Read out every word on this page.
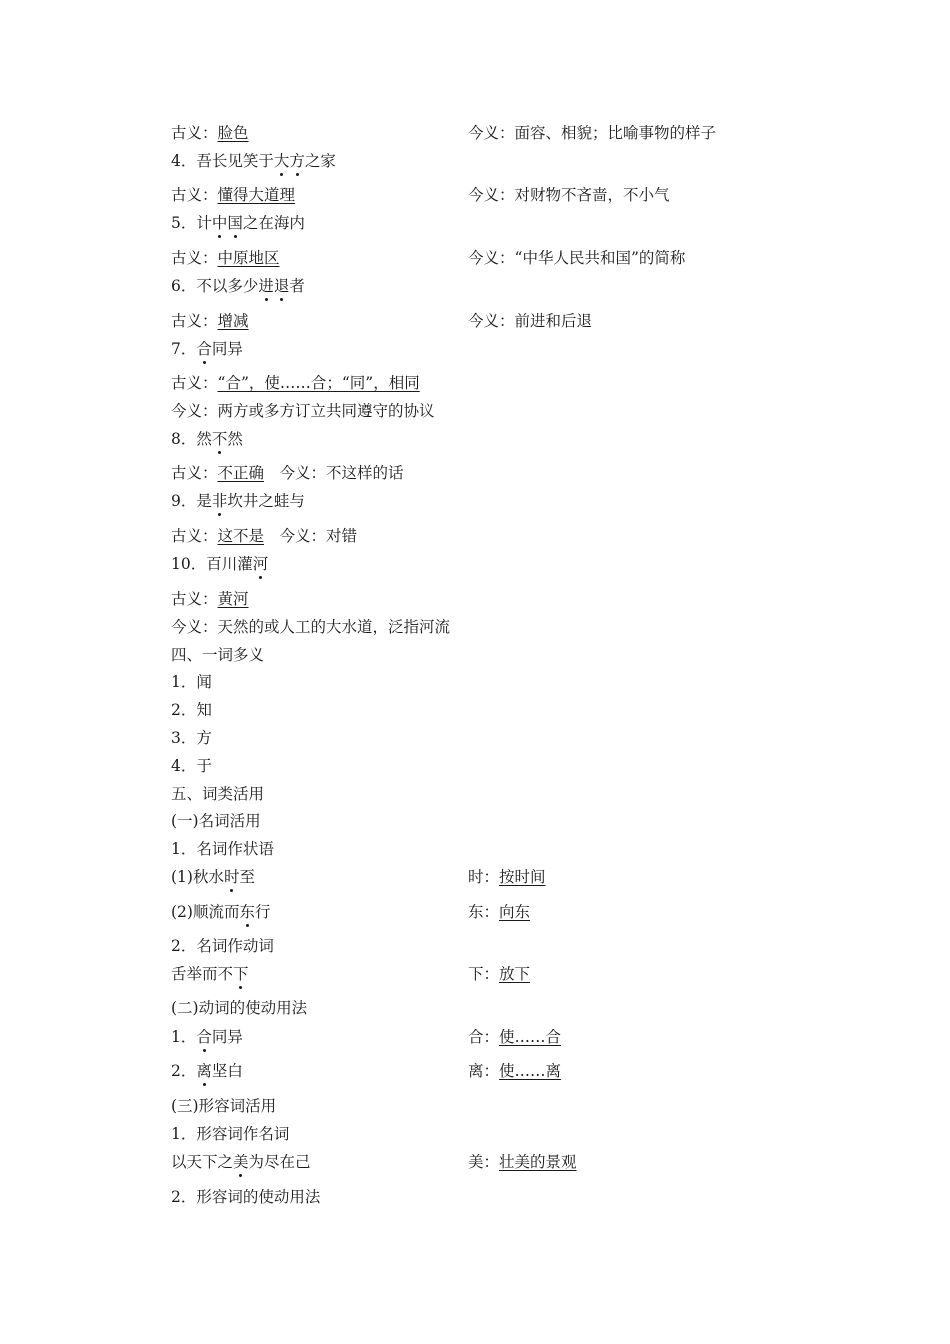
古义：脸色	今义：面容、相貌；比喻事物的样子
4．吾长见笑于大方之家
古义：懂得大道理	今义：对财物不吝啬，不小气
5．计中国之在海内
古义：中原地区	今义：“中华人民共和国”的简称
6．不以多少进退者
古义：增减	今义：前进和后退
7．合同异
古义：“合”，使……合；“同”，相同
今义：两方或多方订立共同遵守的协议
8．然不然
古义：不正确　今义：不这样的话
9．是非坎井之蛙与
古义：这不是　今义：对错
10．百川灌河
古义：黄河
今义：天然的或人工的大水道，泛指河流
四、一词多义
1．闻
2．知
3．方
4．于
五、词类活用
(一)名词活用
1．名词作状语
(1)秋水时至	时：按时间
(2)顺流而东行	东：向东
2．名词作动词
舌举而不下	下：放下
(二)动词的使动用法
1．合同异	合：使……合
2．离坚白	离：使……离
(三)形容词活用
1．形容词作名词
以天下之美为尽在己	美：壮美的景观
2．形容词的使动用法
